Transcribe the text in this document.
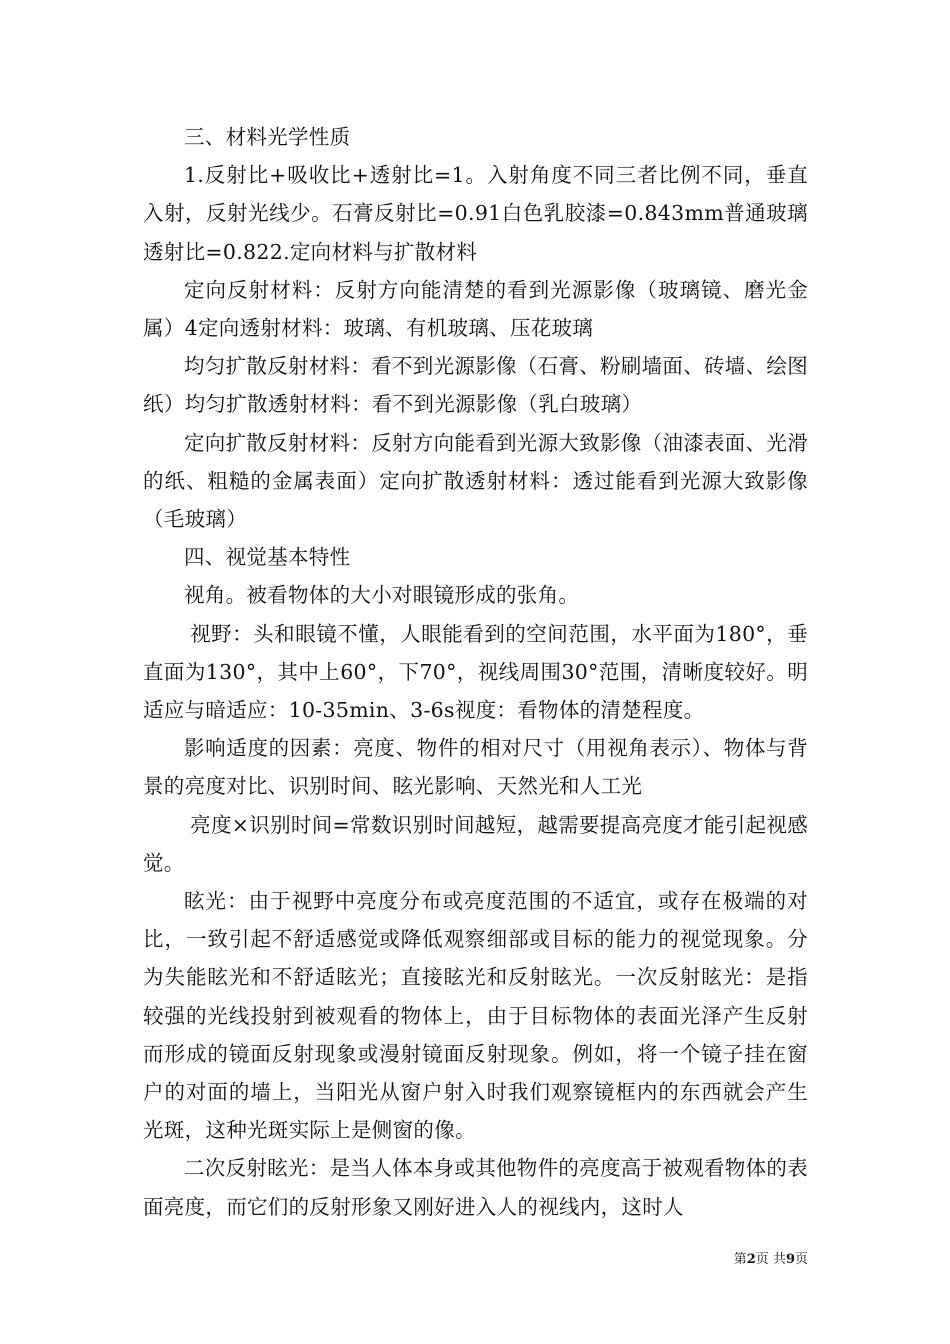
三、材料光学性质

1.反射比+吸收比+透射比=1。入射角度不同三者比例不同，垂直入射，反射光线少。石膏反射比=0.91白色乳胶漆=0.843mm普通玻璃透射比=0.822.定向材料与扩散材料

定向反射材料：反射方向能清楚的看到光源影像（玻璃镜、磨光金属）4定向透射材料：玻璃、有机玻璃、压花玻璃

均匀扩散反射材料：看不到光源影像（石膏、粉刷墙面、砖墙、绘图纸）均匀扩散透射材料：看不到光源影像（乳白玻璃）

定向扩散反射材料：反射方向能看到光源大致影像（油漆表面、光滑的纸、粗糙的金属表面）定向扩散透射材料：透过能看到光源大致影像（毛玻璃）

四、视觉基本特性

视角。被看物体的大小对眼镜形成的张角。

视野：头和眼镜不懂，人眼能看到的空间范围，水平面为180°，垂直面为130°，其中上60°，下70°，视线周围30°范围，清晰度较好。明适应与暗适应：10-35min、3-6s视度：看物体的清楚程度。

影响适度的因素：亮度、物件的相对尺寸（用视角表示）、物体与背景的亮度对比、识别时间、眩光影响、天然光和人工光

亮度×识别时间=常数识别时间越短，越需要提高亮度才能引起视感觉。

眩光：由于视野中亮度分布或亮度范围的不适宜，或存在极端的对比，一致引起不舒适感觉或降低观察细部或目标的能力的视觉现象。分为失能眩光和不舒适眩光；直接眩光和反射眩光。一次反射眩光：是指较强的光线投射到被观看的物体上，由于目标物体的表面光泽产生反射而形成的镜面反射现象或漫射镜面反射现象。例如，将一个镜子挂在窗户的对面的墙上，当阳光从窗户射入时我们观察镜框内的东西就会产生光斑，这种光斑实际上是侧窗的像。

二次反射眩光：是当人体本身或其他物件的亮度高于被观看物体的表面亮度，而它们的反射形象又刚好进入人的视线内，这时人

第2页 共9页
